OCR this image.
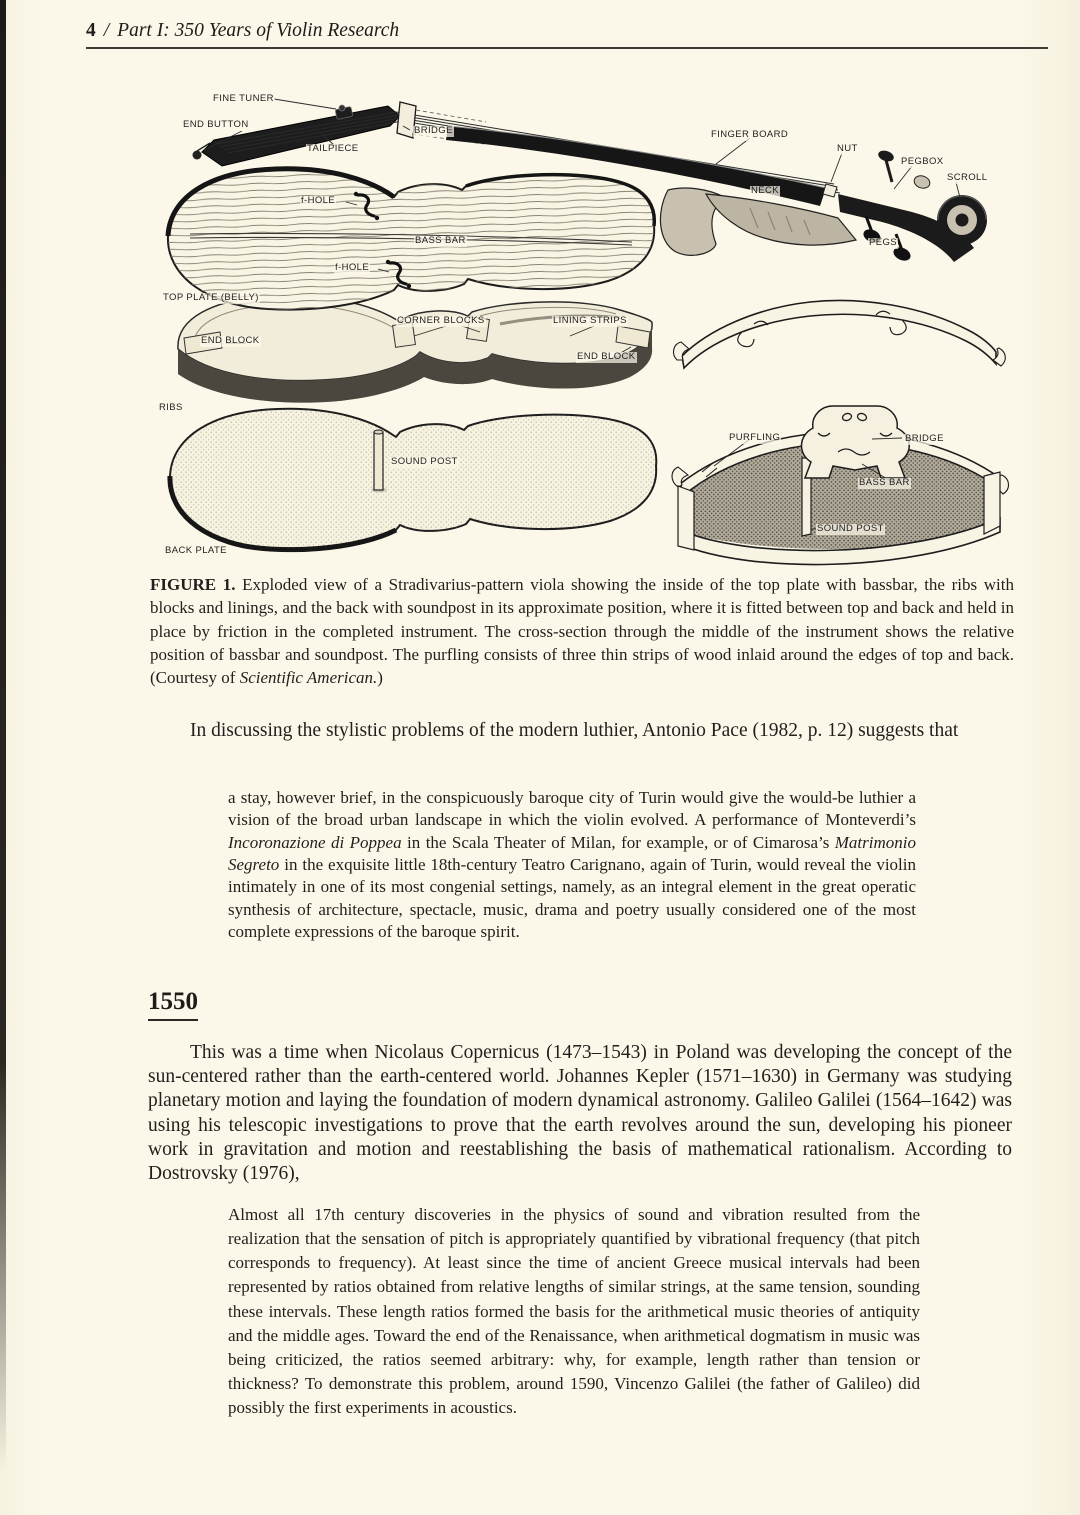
4 / Part I: 350 Years of Violin Research
FINE TUNER
END BUTTON
BRIDGE
TAILPIECE
FINGER BOARD
NUT
PEGBOX
SCROLL
NECK
PEGS
f-HOLE
BASS BAR
f-HOLE
TOP PLATE (BELLY)
CORNER BLOCKS	LINING STRIPS
END BLOCK
END BLOCK
RIBS
SOUND POST
BACK PLATE
PURFLING	BRIDGE
BASS BAR
SOUND POST

FIGURE 1. Exploded view of a Stradivarius-pattern viola showing the inside of the top plate with bassbar, the ribs with blocks and linings, and the back with soundpost in its approximate position, where it is fitted between top and back and held in place by friction in the completed instrument. The cross-section through the middle of the instrument shows the relative position of bassbar and soundpost. The purfling consists of three thin strips of wood inlaid around the edges of top and back. (Courtesy of Scientific American.)

In discussing the stylistic problems of the modern luthier, Antonio Pace (1982, p. 12) suggests that

a stay, however brief, in the conspicuously baroque city of Turin would give the would-be luthier a vision of the broad urban landscape in which the violin evolved. A performance of Monteverdi’s Incoronazione di Poppea in the Scala Theater of Milan, for example, or of Cimarosa’s Matrimonio Segreto in the exquisite little 18th-century Teatro Carignano, again of Turin, would reveal the violin intimately in one of its most congenial settings, namely, as an integral element in the great operatic synthesis of architecture, spectacle, music, drama and poetry usually considered one of the most complete expressions of the baroque spirit.
1550

This was a time when Nicolaus Copernicus (1473–1543) in Poland was developing the concept of the sun-centered rather than the earth-centered world. Johannes Kepler (1571–1630) in Germany was studying planetary motion and laying the foundation of modern dynamical astronomy. Galileo Galilei (1564–1642) was using his telescopic investigations to prove that the earth revolves around the sun, developing his pioneer work in gravitation and motion and reestablishing the basis of mathematical rationalism. According to Dostrovsky (1976),

Almost all 17th century discoveries in the physics of sound and vibration resulted from the realization that the sensation of pitch is appropriately quantified by vibrational frequency (that pitch corresponds to frequency). At least since the time of ancient Greece musical intervals had been represented by ratios obtained from relative lengths of similar strings, at the same tension, sounding these intervals. These length ratios formed the basis for the arithmetical music theories of antiquity and the middle ages. Toward the end of the Renaissance, when arithmetical dogmatism in music was being criticized, the ratios seemed arbitrary: why, for example, length rather than tension or thickness? To demonstrate this problem, around 1590, Vincenzo Galilei (the father of Galileo) did possibly the first experiments in acoustics.
